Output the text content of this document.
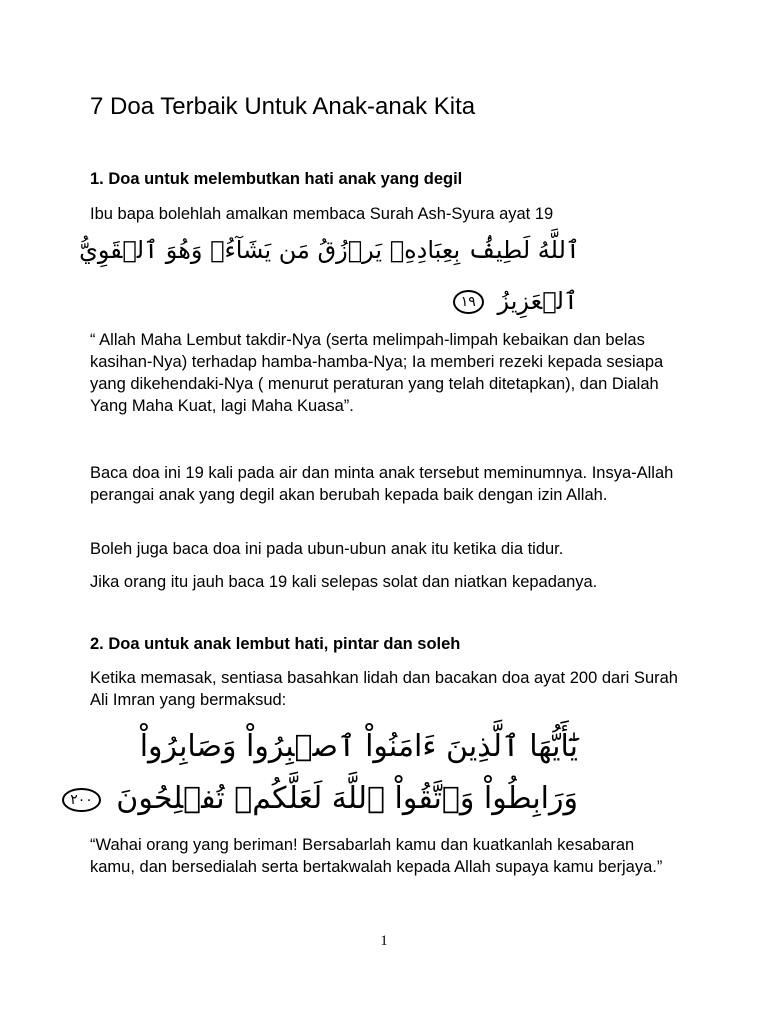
7 Doa Terbaik Untuk Anak-anak Kita

1. Doa untuk melembutkan hati anak yang degil

Ibu bapa bolehlah amalkan membaca Surah Ash-Syura ayat 19

ٱللَّهُ لَطِيفُۢ بِعِبَادِهِۦ يَرۡزُقُ مَن يَشَآءُۖ وَهُوَ ٱلۡقَوِيُّ
ٱلۡعَزِيزُ ١٩

“ Allah Maha Lembut takdir-Nya (serta melimpah-limpah kebaikan dan belas kasihan-Nya) terhadap hamba-hamba-Nya; Ia memberi rezeki kepada sesiapa yang dikehendaki-Nya ( menurut peraturan yang telah ditetapkan), dan Dialah Yang Maha Kuat, lagi Maha Kuasa”.

Baca doa ini 19 kali pada air dan minta anak tersebut meminumnya. Insya-Allah perangai anak yang degil akan berubah kepada baik dengan izin Allah.

Boleh juga baca doa ini pada ubun-ubun anak itu ketika dia tidur.

Jika orang itu jauh baca 19 kali selepas solat dan niatkan kepadanya.

2. Doa untuk anak lembut hati, pintar dan soleh

Ketika memasak, sentiasa basahkan lidah dan bacakan doa ayat 200 dari Surah Ali Imran yang bermaksud:

يَٰٓأَيُّهَا ٱلَّذِينَ ءَامَنُواْ ٱصۡبِرُواْ وَصَابِرُواْ
وَرَابِطُواْ وَٱتَّقُواْ ٱللَّهَ لَعَلَّكُمۡ تُفۡلِحُونَ ٢٠٠

“Wahai orang yang beriman! Bersabarlah kamu dan kuatkanlah kesabaran kamu, dan bersedialah serta bertakwalah kepada Allah supaya kamu berjaya.”

1
